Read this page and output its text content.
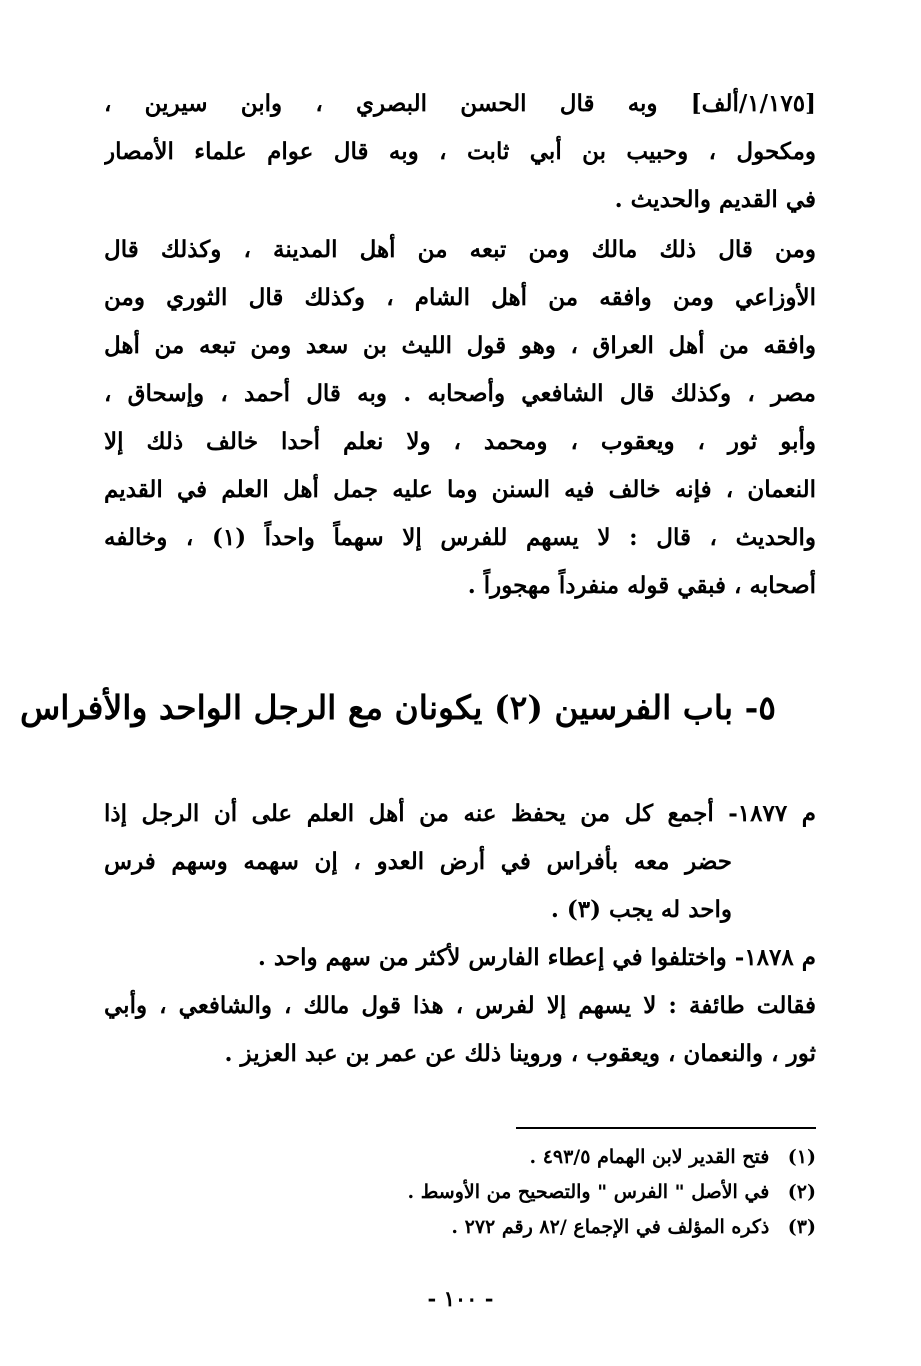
[١/١٧٥/ألف] وبه قال الحسن البصري ، وابن سيرين ،
ومكحول ، وحبيب بن أبي ثابت ، وبه قال عوام علماء الأمصار
في القديم والحديث .
ومن قال ذلك مالك ومن تبعه من أهل المدينة ، وكذلك قال
الأوزاعي ومن وافقه من أهل الشام ، وكذلك قال الثوري ومن
وافقه من أهل العراق ، وهو قول الليث بن سعد ومن تبعه من أهل
مصر ، وكذلك قال الشافعي وأصحابه . وبه قال أحمد ، وإسحاق ،
وأبو ثور ، ويعقوب ، ومحمد ، ولا نعلم أحدا خالف ذلك إلا
النعمان ، فإنه خالف فيه السنن وما عليه جمل أهل العلم في القديم
والحديث ، قال : لا يسهم للفرس إلا سهماً واحداً (١) ، وخالفه
أصحابه ، فبقي قوله منفرداً مهجوراً .
٥- باب الفرسين (٢) يكونان مع الرجل الواحد والأفراس
م ١٨٧٧- أجمع كل من يحفظ عنه من أهل العلم على أن الرجل إذا
حضر معه بأفراس في أرض العدو ، إن سهمه وسهم فرس
واحد له يجب (٣) .
م ١٨٧٨- واختلفوا في إعطاء الفارس لأكثر من سهم واحد .
فقالت طائفة : لا يسهم إلا لفرس ، هذا قول مالك ، والشافعي ، وأبي
ثور ، والنعمان ، ويعقوب ، وروينا ذلك عن عمر بن عبد العزيز .
(١) فتح القدير لابن الهمام ٤٩٣/٥ .
(٢) في الأصل " الفرس " والتصحيح من الأوسط .
(٣) ذكره المؤلف في الإجماع /٨٢ رقم ٢٧٢ .
- ١٠٠ -
